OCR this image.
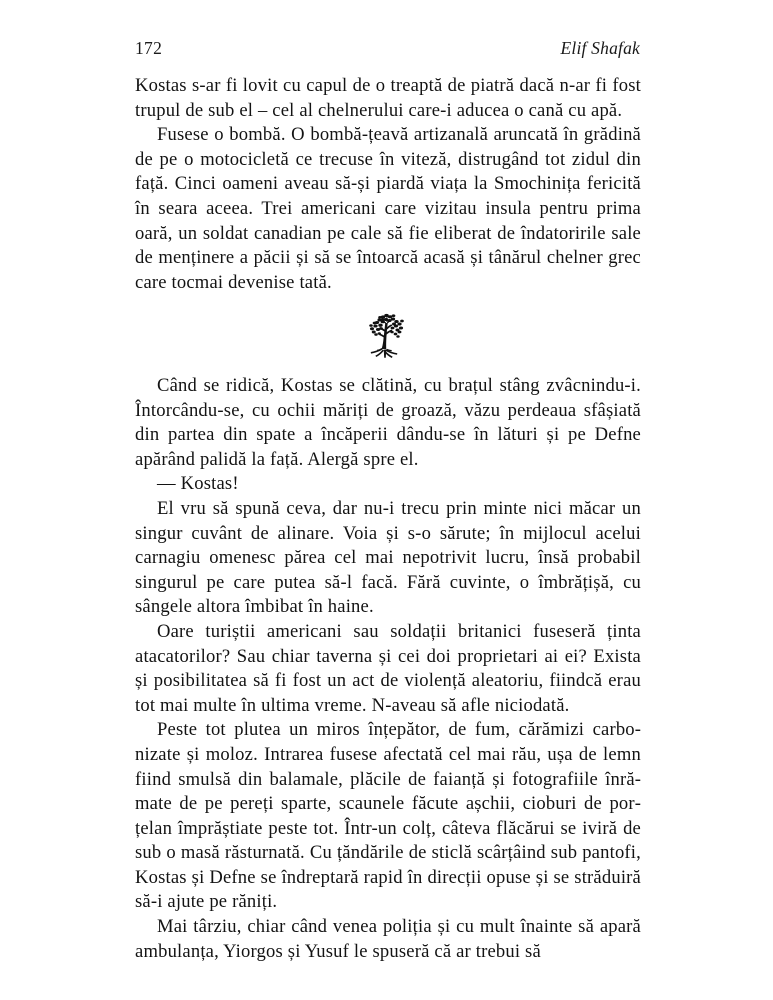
172	Elif Shafak

Kostas s-ar fi lovit cu capul de o treaptă de piatră dacă n-ar fi fost trupul de sub el – cel al chelnerului care-i aducea o cană cu apă.

Fusese o bombă. O bombă-țeavă artizanală aruncată în grădină de pe o motocicletă ce trecuse în viteză, distrugând tot zidul din față. Cinci oameni aveau să-și piardă viața la Smochinița fericită în seara aceea. Trei americani care vizitau insula pentru prima oară, un soldat canadian pe cale să fie eliberat de îndatoririle sale de menținere a păcii și să se întoarcă acasă și tânărul chelner grec care tocmai devenise tată.

Când se ridică, Kostas se clătină, cu brațul stâng zvâcnindu-i. Întorcându-se, cu ochii măriți de groază, văzu perdeaua sfâșiată din partea din spate a încăperii dându-se în lături și pe Defne apărând palidă la față. Alergă spre el.

— Kostas!

El vru să spună ceva, dar nu-i trecu prin minte nici măcar un singur cuvânt de alinare. Voia și s-o sărute; în mijlocul acelui carnagiu omenesc părea cel mai nepotrivit lucru, însă probabil singurul pe care putea să-l facă. Fără cuvinte, o îmbrățișă, cu sângele altora îmbibat în haine.

Oare turiștii americani sau soldații britanici fuseseră ținta atacatorilor? Sau chiar taverna și cei doi proprietari ai ei? Exista și posibilitatea să fi fost un act de violență aleatoriu, fiindcă erau tot mai multe în ultima vreme. N-aveau să afle niciodată.

Peste tot plutea un miros înțepător, de fum, cărămizi carbonizate și moloz. Intrarea fusese afectată cel mai rău, ușa de lemn fiind smulsă din balamale, plăcile de faianță și fotografiile înrămate de pe pereți sparte, scaunele făcute așchii, cioburi de porțelan împrăștiate peste tot. Într-un colț, câteva flăcărui se iviră de sub o masă răsturnată. Cu țăndările de sticlă scârțâind sub pantofi, Kostas și Defne se îndreptară rapid în direcții opuse și se străduiră să-i ajute pe răniți.

Mai târziu, chiar când venea poliția și cu mult înainte să apară ambulanța, Yiorgos și Yusuf le spuseră că ar trebui să
